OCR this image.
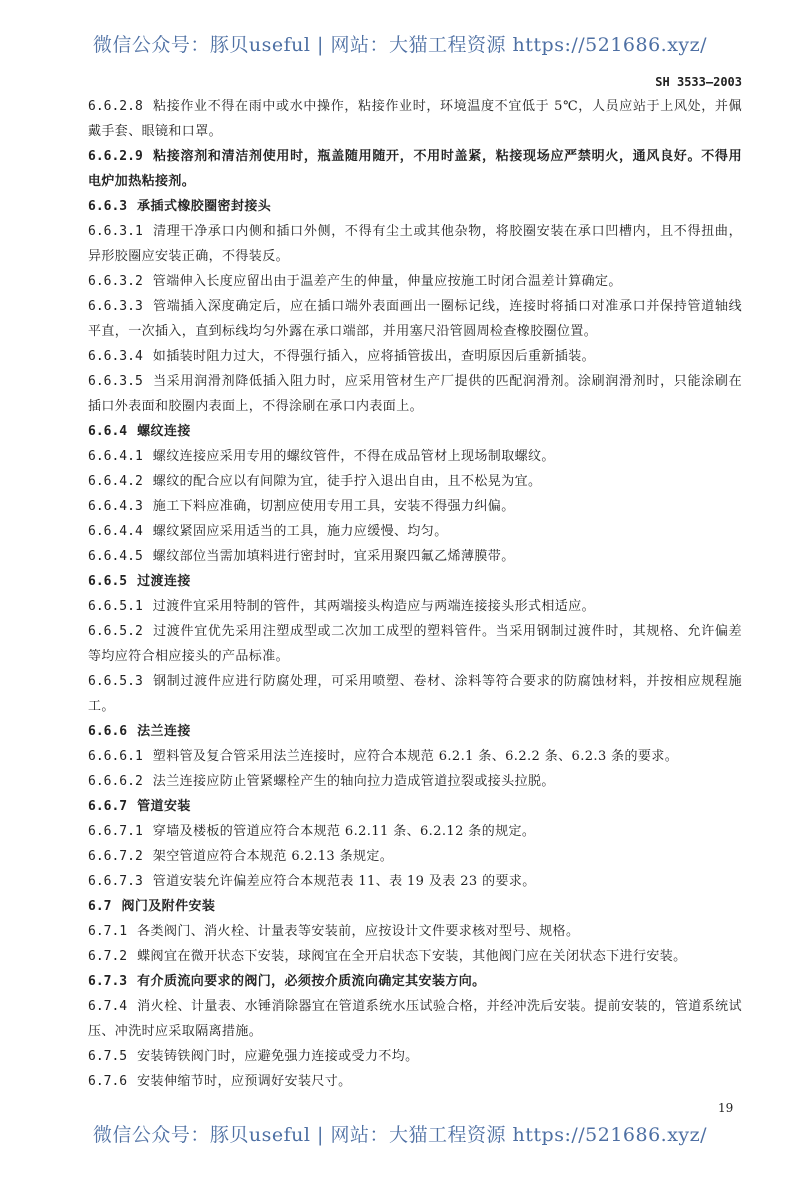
微信公众号：豚贝useful | 网站：大猫工程资源 https://521686.xyz/
SH 3533—2003

6.6.2.8 粘接作业不得在雨中或水中操作，粘接作业时，环境温度不宜低于 5℃，人员应站于上风处，并佩戴手套、眼镜和口罩。

6.6.2.9 粘接溶剂和清洁剂使用时，瓶盖随用随开，不用时盖紧，粘接现场应严禁明火，通风良好。不得用电炉加热粘接剂。

6.6.3 承插式橡胶圈密封接头

6.6.3.1 清理干净承口内侧和插口外侧，不得有尘土或其他杂物，将胶圈安装在承口凹槽内，且不得扭曲，异形胶圈应安装正确，不得装反。

6.6.3.2 管端伸入长度应留出由于温差产生的伸量，伸量应按施工时闭合温差计算确定。

6.6.3.3 管端插入深度确定后，应在插口端外表面画出一圈标记线，连接时将插口对准承口并保持管道轴线平直，一次插入，直到标线均匀外露在承口端部，并用塞尺沿管圆周检查橡胶圈位置。

6.6.3.4 如插装时阻力过大，不得强行插入，应将插管拔出，查明原因后重新插装。

6.6.3.5 当采用润滑剂降低插入阻力时，应采用管材生产厂提供的匹配润滑剂。涂刷润滑剂时，只能涂刷在插口外表面和胶圈内表面上，不得涂刷在承口内表面上。

6.6.4 螺纹连接

6.6.4.1 螺纹连接应采用专用的螺纹管件，不得在成品管材上现场制取螺纹。

6.6.4.2 螺纹的配合应以有间隙为宜，徒手拧入退出自由，且不松晃为宜。

6.6.4.3 施工下料应准确，切割应使用专用工具，安装不得强力纠偏。

6.6.4.4 螺纹紧固应采用适当的工具，施力应缓慢、均匀。

6.6.4.5 螺纹部位当需加填料进行密封时，宜采用聚四氟乙烯薄膜带。

6.6.5 过渡连接

6.6.5.1 过渡件宜采用特制的管件，其两端接头构造应与两端连接接头形式相适应。

6.6.5.2 过渡件宜优先采用注塑成型或二次加工成型的塑料管件。当采用钢制过渡件时，其规格、允许偏差等均应符合相应接头的产品标准。

6.6.5.3 钢制过渡件应进行防腐处理，可采用喷塑、卷材、涂料等符合要求的防腐蚀材料，并按相应规程施工。

6.6.6 法兰连接

6.6.6.1 塑料管及复合管采用法兰连接时，应符合本规范 6.2.1 条、6.2.2 条、6.2.3 条的要求。

6.6.6.2 法兰连接应防止管紧螺栓产生的轴向拉力造成管道拉裂或接头拉脱。

6.6.7 管道安装

6.6.7.1 穿墙及楼板的管道应符合本规范 6.2.11 条、6.2.12 条的规定。

6.6.7.2 架空管道应符合本规范 6.2.13 条规定。

6.6.7.3 管道安装允许偏差应符合本规范表 11、表 19 及表 23 的要求。

6.7 阀门及附件安装

6.7.1 各类阀门、消火栓、计量表等安装前，应按设计文件要求核对型号、规格。

6.7.2 蝶阀宜在微开状态下安装，球阀宜在全开启状态下安装，其他阀门应在关闭状态下进行安装。

6.7.3 有介质流向要求的阀门，必须按介质流向确定其安装方向。

6.7.4 消火栓、计量表、水锤消除器宜在管道系统水压试验合格，并经冲洗后安装。提前安装的，管道系统试压、冲洗时应采取隔离措施。

6.7.5 安装铸铁阀门时，应避免强力连接或受力不均。

6.7.6 安装伸缩节时，应预调好安装尺寸。

19
微信公众号：豚贝useful | 网站：大猫工程资源 https://521686.xyz/
